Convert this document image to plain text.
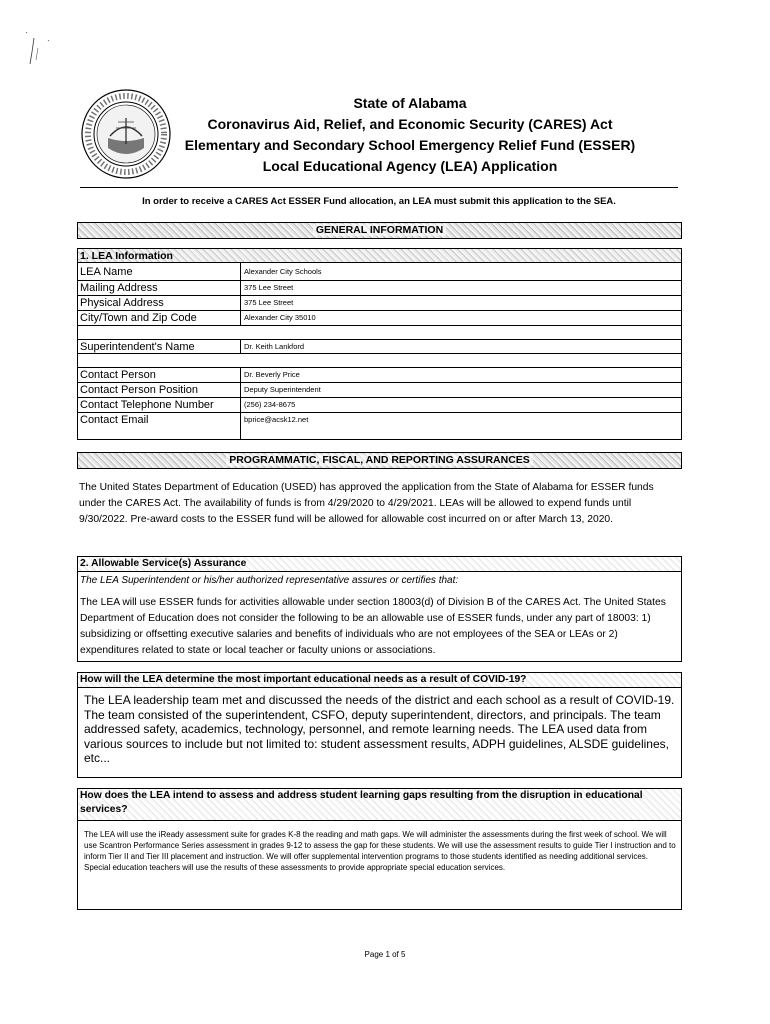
State of Alabama
Coronavirus Aid, Relief, and Economic Security (CARES) Act
Elementary and Secondary School Emergency Relief Fund (ESSER)
Local Educational Agency (LEA) Application
In order to receive a CARES Act ESSER Fund allocation, an LEA must submit this application to the SEA.
GENERAL INFORMATION
1. LEA Information
LEA Name	Alexander City Schools
Mailing Address	375 Lee Street
Physical Address	375 Lee Street
City/Town and Zip Code	Alexander City 35010
Superintendent's Name	Dr. Keith Lankford
Contact Person	Dr. Beverly Price
Contact Person Position	Deputy Superintendent
Contact Telephone Number	(256) 234-8675
Contact Email	bprice@acsk12.net
PROGRAMMATIC, FISCAL, AND REPORTING ASSURANCES
The United States Department of Education (USED) has approved the application from the State of Alabama for ESSER funds under the CARES Act. The availability of funds is from 4/29/2020 to 4/29/2021. LEAs will be allowed to expend funds until 9/30/2022. Pre-award costs to the ESSER fund will be allowed for allowable cost incurred on or after March 13, 2020.
2. Allowable Service(s) Assurance
The LEA Superintendent or his/her authorized representative assures or certifies that:
The LEA will use ESSER funds for activities allowable under section 18003(d) of Division B of the CARES Act. The United States Department of Education does not consider the following to be an allowable use of ESSER funds, under any part of 18003: 1) subsidizing or offsetting executive salaries and benefits of individuals who are not employees of the SEA or LEAs or 2) expenditures related to state or local teacher or faculty unions or associations.
How will the LEA determine the most important educational needs as a result of COVID-19?
The LEA leadership team met and discussed the needs of the district and each school as a result of COVID-19. The team consisted of the superintendent, CSFO, deputy superintendent, directors, and principals. The team addressed safety, academics, technology, personnel, and remote learning needs. The LEA used data from various sources to include but not limited to: student assessment results, ADPH guidelines, ALSDE guidelines, etc...
How does the LEA intend to assess and address student learning gaps resulting from the disruption in educational services?
The LEA will use the iReady assessment suite for grades K-8 the reading and math gaps. We will administer the assessments during the first week of school. We will use Scantron Performance Series assessment in grades 9-12 to assess the gap for these students. We will use the assessment results to guide Tier I instruction and to inform Tier II and Tier III placement and instruction. We will offer supplemental intervention programs to those students identified as needing additional services. Special education teachers will use the results of these assessments to provide appropriate special education services.
Page 1 of 5
